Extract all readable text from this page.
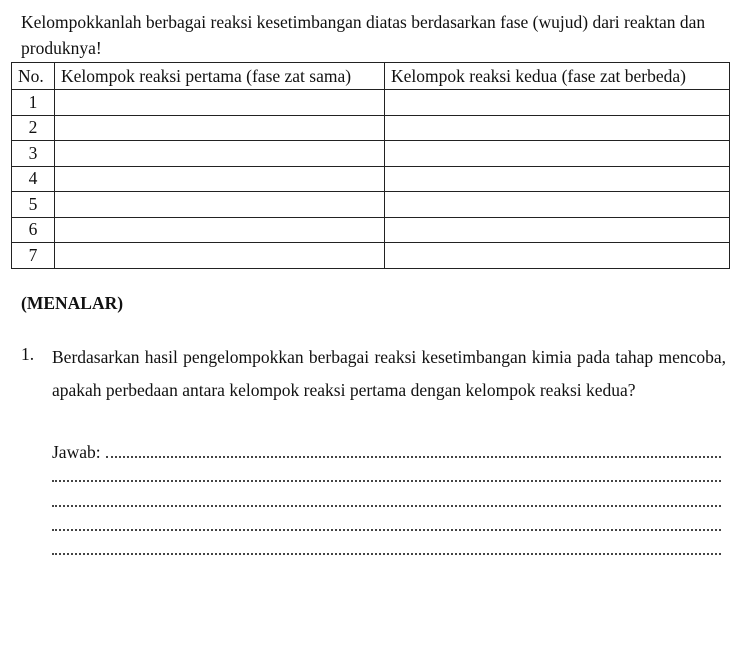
Kelompokkanlah berbagai reaksi kesetimbangan diatas berdasarkan fase (wujud) dari reaktan dan produknya!
No.	Kelompok reaksi pertama (fase zat sama)	Kelompok reaksi kedua (fase zat berbeda)
1		
2		
3		
4		
5		
6		
7		
(MENALAR)
1. Berdasarkan hasil pengelompokkan berbagai reaksi kesetimbangan kimia pada tahap mencoba, apakah perbedaan antara kelompok reaksi pertama dengan kelompok reaksi kedua?
Jawab:
